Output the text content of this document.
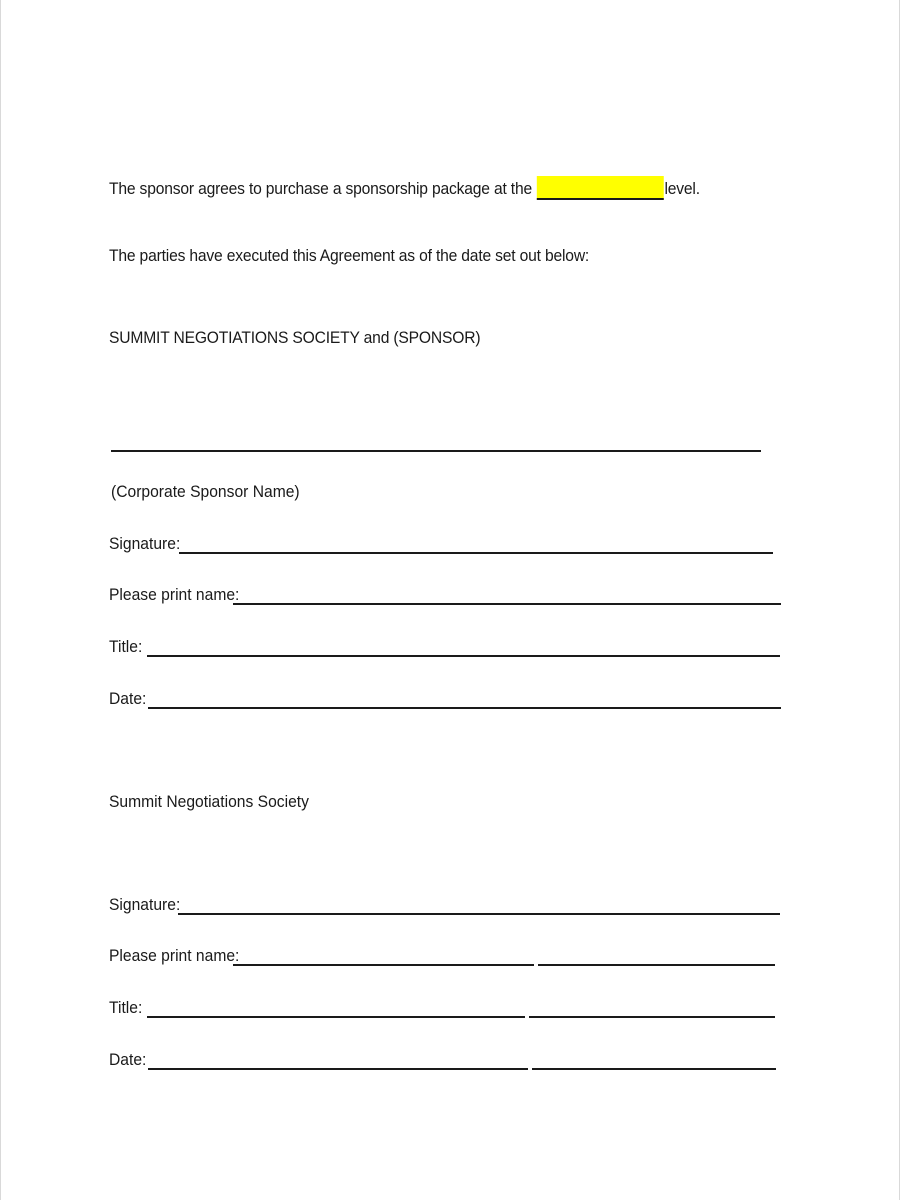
The sponsor agrees to purchase a sponsorship package at the	level.
The parties have executed this Agreement as of the date set out below:
SUMMIT NEGOTIATIONS SOCIETY and (SPONSOR)
(Corporate Sponsor Name)
Signature:
Please print name:
Title:
Date:
Summit Negotiations Society
Signature:
Please print name:
Title:
Date:
